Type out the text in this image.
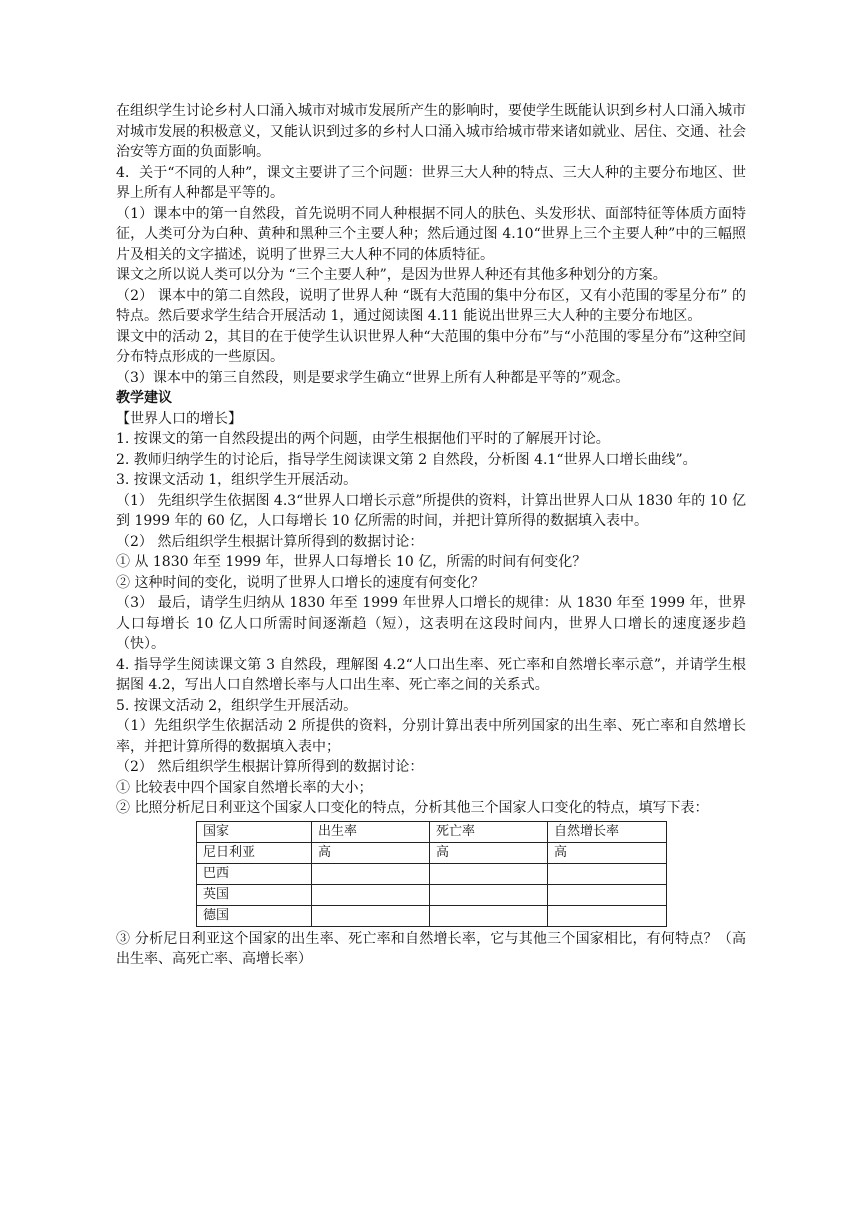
在组织学生讨论乡村人口涌入城市对城市发展所产生的影响时，要使学生既能认识到乡村人口涌入城市对城市发展的积极意义，又能认识到过多的乡村人口涌入城市给城市带来诸如就业、居住、交通、社会治安等方面的负面影响。

4．关于“不同的人种”，课文主要讲了三个问题：世界三大人种的特点、三大人种的主要分布地区、世界上所有人种都是平等的。

（1）课本中的第一自然段，首先说明不同人种根据不同人的肤色、头发形状、面部特征等体质方面特征，人类可分为白种、黄种和黑种三个主要人种；然后通过图 4.10“世界上三个主要人种”中的三幅照片及相关的文字描述，说明了世界三大人种不同的体质特征。

课文之所以说人类可以分为 “三个主要人种”，是因为世界人种还有其他多种划分的方案。

（2） 课本中的第二自然段，说明了世界人种 “既有大范围的集中分布区，又有小范围的零星分布” 的特点。然后要求学生结合开展活动 1，通过阅读图 4.11 能说出世界三大人种的主要分布地区。

课文中的活动 2，其目的在于使学生认识世界人种“大范围的集中分布”与“小范围的零星分布”这种空间分布特点形成的一些原因。

（3）课本中的第三自然段，则是要求学生确立“世界上所有人种都是平等的”观念。

教学建议

【世界人口的增长】

1. 按课文的第一自然段提出的两个问题，由学生根据他们平时的了解展开讨论。

2. 教师归纳学生的讨论后，指导学生阅读课文第 2 自然段，分析图 4.1“世界人口增长曲线”。

3. 按课文活动 1，组织学生开展活动。

（1） 先组织学生依据图 4.3“世界人口增长示意”所提供的资料，计算出世界人口从 1830 年的 10 亿到 1999 年的 60 亿，人口每增长 10 亿所需的时间，并把计算所得的数据填入表中。

（2） 然后组织学生根据计算所得到的数据讨论：

① 从 1830 年至 1999 年，世界人口每增长 10 亿，所需的时间有何变化？

② 这种时间的变化，说明了世界人口增长的速度有何变化？

（3） 最后，请学生归纳从 1830 年至 1999 年世界人口增长的规律：从 1830 年至 1999 年，世界人口每增长 10 亿人口所需时间逐渐趋（短），这表明在这段时间内，世界人口增长的速度逐步趋（快）。

4. 指导学生阅读课文第 3 自然段，理解图 4.2“人口出生率、死亡率和自然增长率示意”，并请学生根据图 4.2，写出人口自然增长率与人口出生率、死亡率之间的关系式。

5. 按课文活动 2，组织学生开展活动。

（1）先组织学生依据活动 2 所提供的资料，分别计算出表中所列国家的出生率、死亡率和自然增长率，并把计算所得的数据填入表中；

（2） 然后组织学生根据计算所得到的数据讨论：

① 比较表中四个国家自然增长率的大小；

② 比照分析尼日利亚这个国家人口变化的特点，分析其他三个国家人口变化的特点，填写下表：

国家	出生率	死亡率	自然增长率
尼日利亚	高	高	高
巴西			
英国			
德国			

③ 分析尼日利亚这个国家的出生率、死亡率和自然增长率，它与其他三个国家相比，有何特点？（高出生率、高死亡率、高增长率）
